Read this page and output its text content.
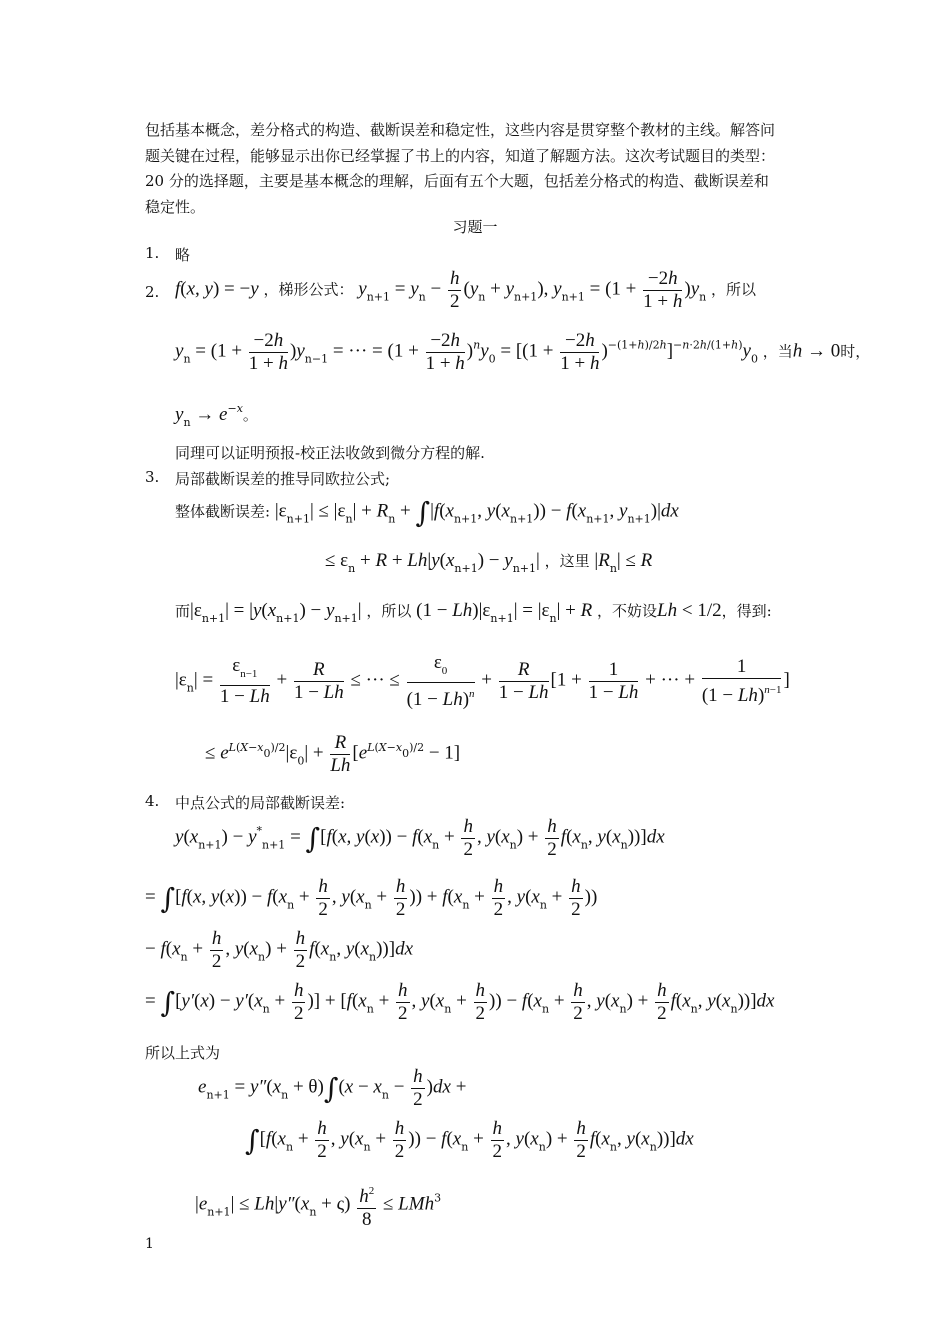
包括基本概念，差分格式的构造、截断误差和稳定性，这些内容是贯穿整个教材的主线。解答问

题关键在过程，能够显示出你已经掌握了书上的内容，知道了解题方法。这次考试题目的类型：

20 分的选择题，主要是基本概念的理解，后面有五个大题，包括差分格式的构造、截断误差和

稳定性。

习题一
1. 略
2. f(x, y) = −y ，梯形公式： $y_{n+1} = y_n - \frac{h}{2} (y_n + y_{n+1})$, $y_{n+1} = (1 + \frac{-2h}{1 + h} )y_n$ ，所以
$y_n = (1 + \frac{-2h}{1 + h} )y_{n-1}$ = ··· = $(1 + \frac{-2h}{1 + h} )^ny_0 = [(1 + \frac{-2h}{1 + h} )^{-(1+h)/2h}]^{-n\cdot 2h/(1+h)}y_0$ ，当h → 0时，
$y_n \to e^{-x}$。
同理可以证明预报-校正法收敛到微分方程的解.
3. 局部截断误差的推导同欧拉公式;
整体截断误差: $|\varepsilon_{n+1}| \le |\varepsilon_n| + R_n + \int|f(x_{n+1}$, $y(x_{n+1})) - f(x_{n+1}$, $y_{n+1})|dx$
≤ $\varepsilon_n + R + Lh|y(x_{n+1}) - y_{n+1}|$ ，这里 $|R_n| \le R$
而$|\varepsilon_{n+1}| = |y(x_{n+1}) - y_{n+1}|$ ，所以 $(1 - Lh)|\varepsilon_{n+1}| = |\varepsilon_n| + R$ ，不妨设Lh < 1/2，得到:
$|\varepsilon_n| = \frac{\varepsilon_{n-1}}{1 - Lh} + \frac{R}{1 - Lh}$ ≤ ··· ≤ $\frac{\varepsilon_0}{(1 - Lh)^n} + \frac{R}{1 - Lh} [1 + \frac{1}{1 - Lh}$ + ··· + $\frac{1}{(1 - Lh)^{n-1}}$ ]
≤ $e^{L(X-x_0)/2}|\varepsilon_0| + \frac{R}{Lh} [e^{L(X-x_0)/2} - 1]$
4. 中点公式的局部截断误差:
$y(x_{n+1}) - y^*_{n+1} = \int[f(x$, $y(x)) - f(x_n + \frac{h}{2}$ , $y(x_n) + \frac{h}{2} f(x_n$, $y(x_n))]dx$
= ∫[f(x, $y(x)) - f(x_n + \frac{h}{2}$ , $y(x_n + \frac{h}{2}$ )) + $f(x_n + \frac{h}{2}$ , $y(x_n + \frac{h}{2}$ ))
− $f(x_n + \frac{h}{2}$ , $y(x_n) + \frac{h}{2} f(x_n$, $y(x_n))]dx$
= $\int[y'(x) - y'(x_n + \frac{h}{2}$ )] + [$f(x_n + \frac{h}{2}$ , $y(x_n + \frac{h}{2}$ )) − $f(x_n + \frac{h}{2}$ , $y(x_n) + \frac{h}{2} f(x_n$, $y(x_n))]dx$
所以上式为
$e_{n+1} = y''(x_n + \theta)\int(x - x_n - \frac{h}{2} )dx$ +
$\int[f(x_n + \frac{h}{2}$ , $y(x_n + \frac{h}{2}$ )) − $f(x_n + \frac{h}{2}$ , $y(x_n) + \frac{h}{2} f(x_n$, $y(x_n))]dx$
$|e_{n+1}| \le Lh|y''(x_n + \varsigma) \frac{h^2}{8} \le LMh^3$
1
